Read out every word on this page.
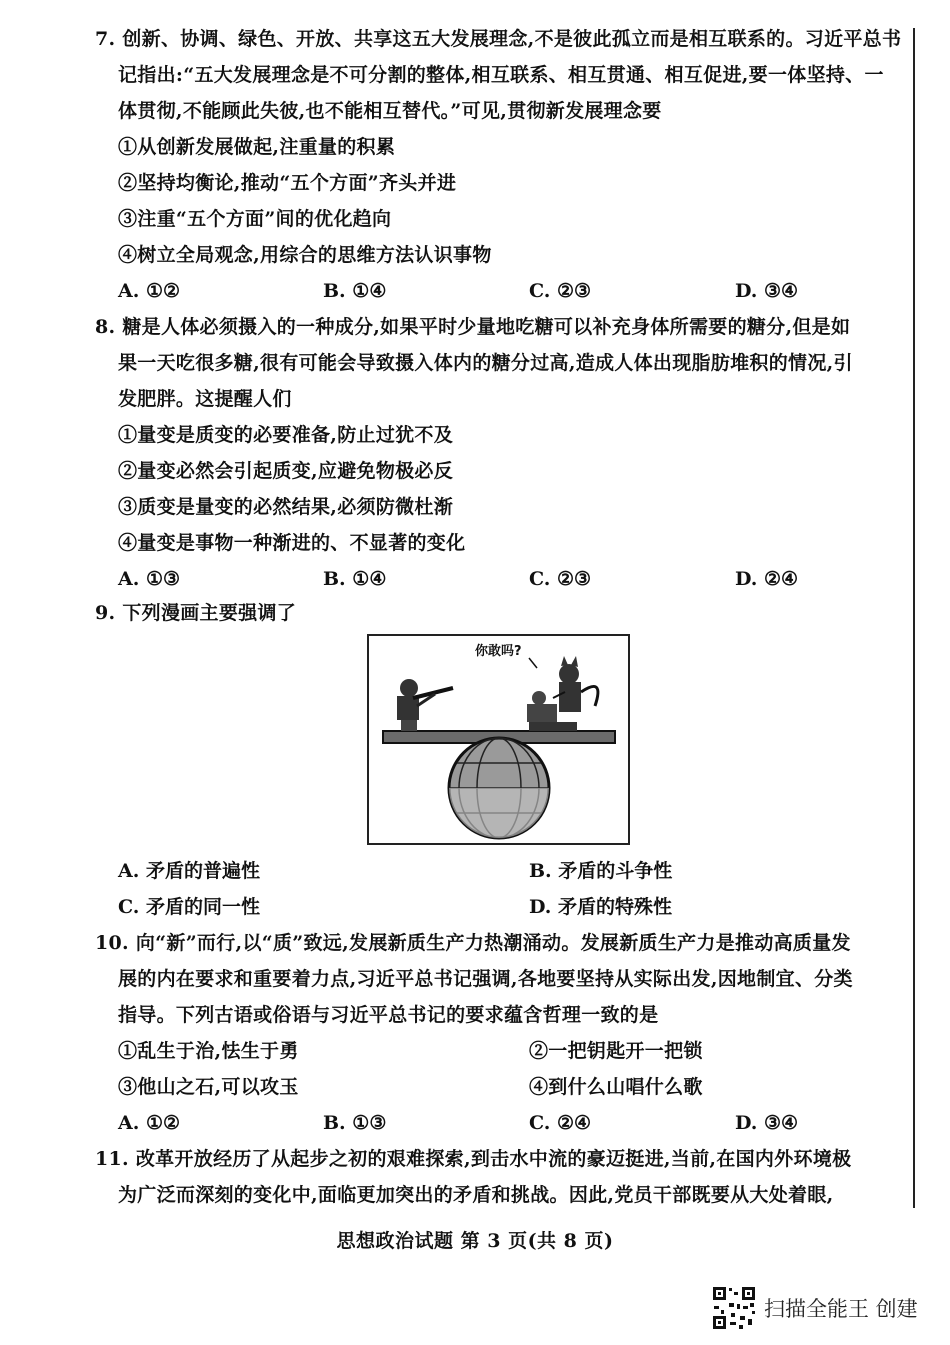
7. 创新、协调、绿色、开放、共享这五大发展理念,不是彼此孤立而是相互联系的。习近平总书
记指出:“五大发展理念是不可分割的整体,相互联系、相互贯通、相互促进,要一体坚持、一
体贯彻,不能顾此失彼,也不能相互替代。”可见,贯彻新发展理念要
①从创新发展做起,注重量的积累
②坚持均衡论,推动“五个方面”齐头并进
③注重“五个方面”间的优化趋向
④树立全局观念,用综合的思维方法认识事物
A. ①②	B. ①④	C. ②③	D. ③④
8. 糖是人体必须摄入的一种成分,如果平时少量地吃糖可以补充身体所需要的糖分,但是如
果一天吃很多糖,很有可能会导致摄入体内的糖分过高,造成人体出现脂肪堆积的情况,引
发肥胖。这提醒人们
①量变是质变的必要准备,防止过犹不及
②量变必然会引起质变,应避免物极必反
③质变是量变的必然结果,必须防微杜渐
④量变是事物一种渐进的、不显著的变化
A. ①③	B. ①④	C. ②③	D. ②④
9. 下列漫画主要强调了
你敢吗?
A. 矛盾的普遍性	B. 矛盾的斗争性
C. 矛盾的同一性	D. 矛盾的特殊性
10. 向“新”而行,以“质”致远,发展新质生产力热潮涌动。发展新质生产力是推动高质量发
展的内在要求和重要着力点,习近平总书记强调,各地要坚持从实际出发,因地制宜、分类
指导。下列古语或俗语与习近平总书记的要求蕴含哲理一致的是
①乱生于治,怯生于勇	②一把钥匙开一把锁
③他山之石,可以攻玉	④到什么山唱什么歌
A. ①②	B. ①③	C. ②④	D. ③④
11. 改革开放经历了从起步之初的艰难探索,到击水中流的豪迈挺进,当前,在国内外环境极
为广泛而深刻的变化中,面临更加突出的矛盾和挑战。因此,党员干部既要从大处着眼,
思想政治试题 第 3 页(共 8 页)
扫描全能王 创建
